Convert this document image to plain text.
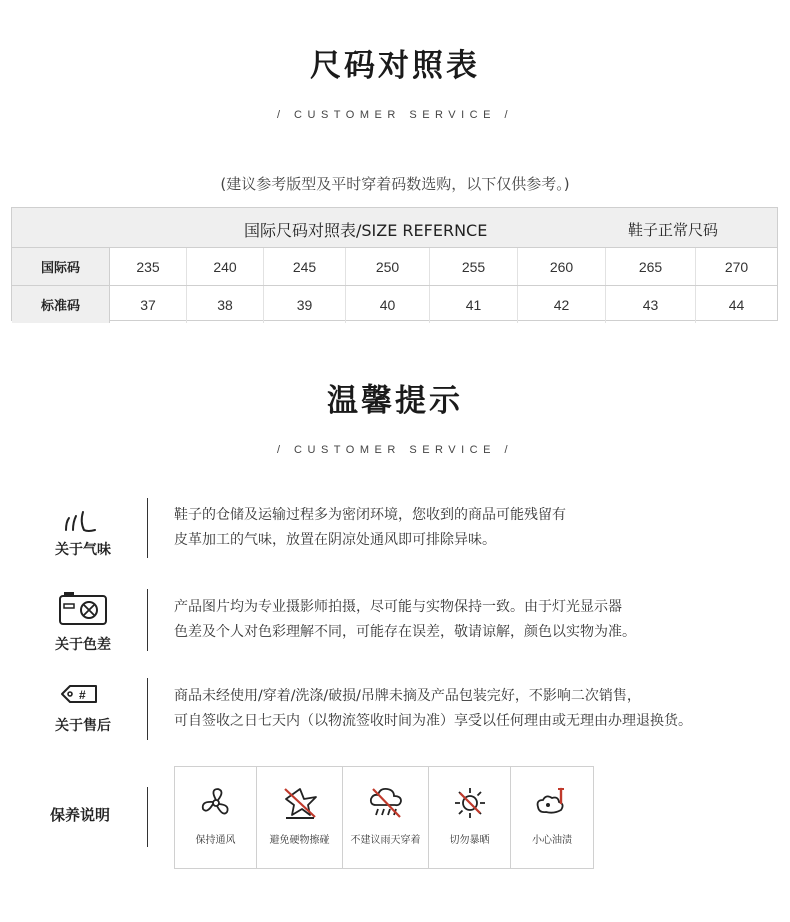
尺码对照表
/ CUSTOMER SERVICE /
(建议参考版型及平时穿着码数选购，以下仅供参考。)
国际尺码对照表/SIZE REFERNCE	鞋子正常尺码
国际码	235	240	245	250	255	260	265	270
标准码	37	38	39	40	41	42	43	44
温馨提示
/ CUSTOMER SERVICE /
关于气味
鞋子的仓储及运输过程多为密闭环境，您收到的商品可能残留有
皮革加工的气味，放置在阴凉处通风即可排除异味。
关于色差
产品图片均为专业摄影师拍摄，尽可能与实物保持一致。由于灯光显示器
色差及个人对色彩理解不同，可能存在误差，敬请谅解，颜色以实物为准。
#
关于售后
商品未经使用/穿着/洗涤/破损/吊牌未摘及产品包装完好，不影响二次销售，
可自签收之日七天内（以物流签收时间为准）享受以任何理由或无理由办理退换货。
保养说明
保持通风	避免硬物擦碰	不建议雨天穿着	切勿暴晒	小心油渍
